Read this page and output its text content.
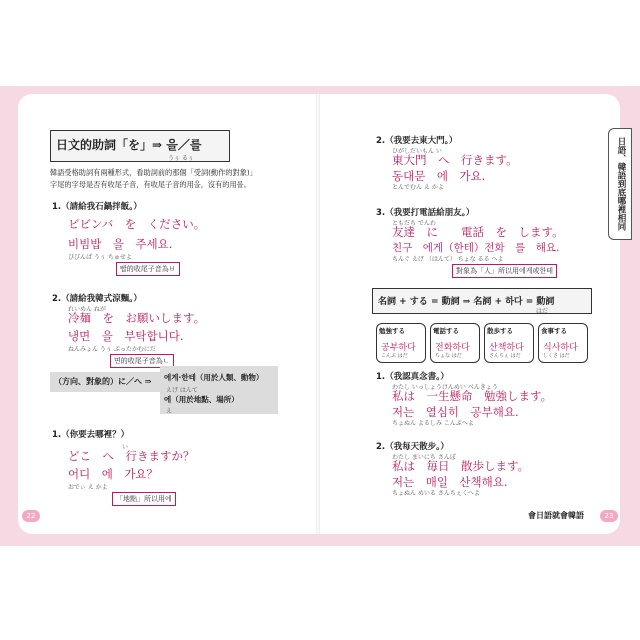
日文的助詞「を」⇒ 을／를
うぅ るぅ
韓語受格助詞有兩種形式，看助詞前的那個「受詞(動作的對象)」
字尾的字母是否有收尾子音，有收尾子音的用을，沒有的用를。
1.（請給我石鍋拌飯。）
ビビンバ　を　ください。
비빔밥　을　주세요.
ぴびんぱ うぅ ちゅせよ
빱的收尾子音為ㅂ
2.（請給我韓式涼麵。）
れいめん ねが
冷麺　を　お願いします。
냉면　을　부탁합니다.
ねんみょん うぅ ぷったかむにだ
면的收尾子音為ㄴ
（方向、對象的）に／へ ⇒ 에게·한테（用於人類、動物）
えげ はんて
에（用於地點、場所）
え
1.（你要去哪裡？）
い
どこ　へ　行きますか？
어디　에　가요？
おでぃ え かよ
「地點」所以用에
22
2.（我要去東大門。）
ひがしだいもん い
東大門　へ　行きます。
동대문　에　가요.
とんでむん え かよ
3.（我要打電話給朋友。）
ともだち でんわ
友達　に　　電話　を　します。
친구　에게（한테）전화　를　해요.
ちんぐ えげ （はんて） ちょな るる へよ
對象為「人」所以用에게或한테
名詞 + する = 動詞 ⇒ 名詞 + 하다 = 動詞
はだ
勉強する
공부하다
こんぶ はだ
電話する
전화하다
ちょな はだ
散歩する
산책하다
さんちぇ はだ
食事する
식사하다
しくさ はだ
1.（我認真念書。）
わたし いっしょうけんめい べんきょう
私は　一生懸命　勉強します。
저는　열심히　공부해요.
ちょぬん よるしみ こんぶへよ
2.（我每天散步。）
わたし まいにち さんぽ
私は　毎日　散歩します。
저는　매일　산책해요.
ちょぬん めいる さんちぇくへよ
會日語就會韓語	23
日語、韓語到底哪裡相同
